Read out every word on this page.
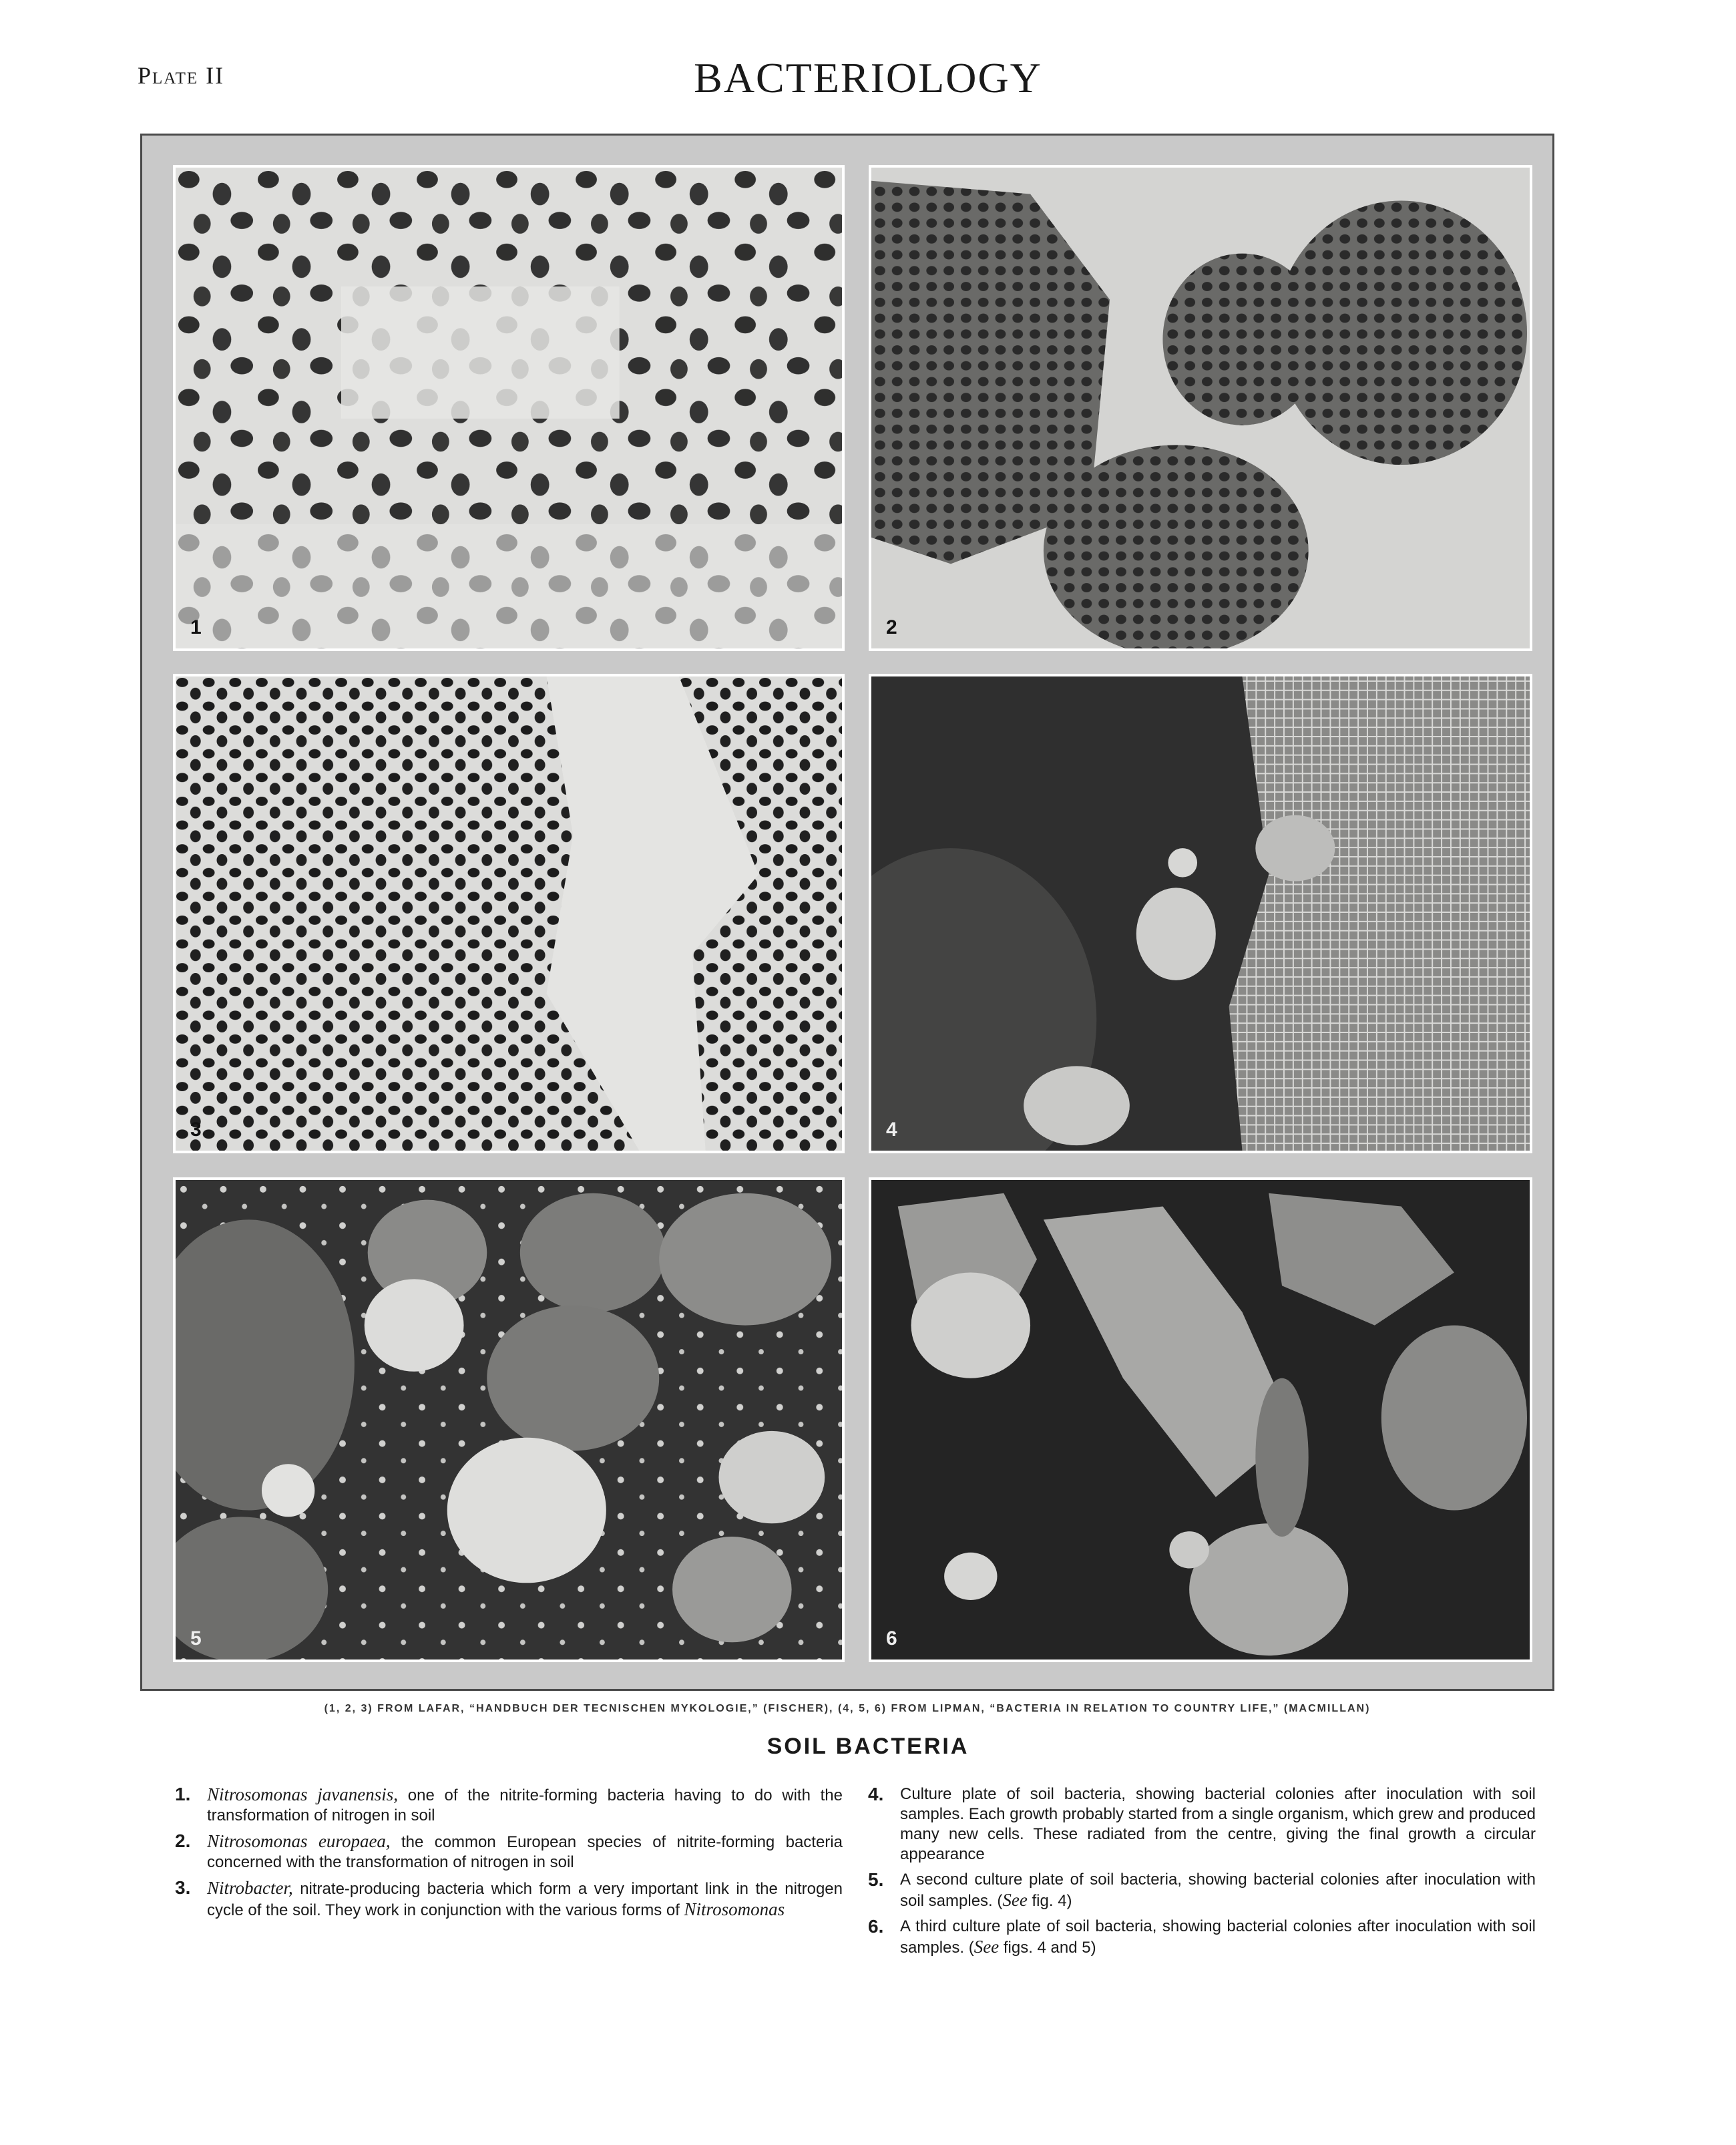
Plate II	BACTERIOLOGY
1	2
3	4
5	6
(1, 2, 3) FROM LAFAR, “HANDBUCH DER TECNISCHEN MYKOLOGIE,” (FISCHER), (4, 5, 6) FROM LIPMAN, “BACTERIA IN RELATION TO COUNTRY LIFE,” (MACMILLAN)
SOIL BACTERIA
1. Nitrosomonas javanensis, one of the nitrite-forming bacteria having to do with the transformation of nitrogen in soil
2. Nitrosomonas europaea, the common European species of nitrite-forming bacteria concerned with the transformation of nitrogen in soil
3. Nitrobacter, nitrate-producing bacteria which form a very important link in the nitrogen cycle of the soil. They work in conjunction with the various forms of Nitrosomonas
4.	Culture plate of soil bacteria, showing bacterial colonies after inoculation with soil samples. Each growth probably started from a single organism, which grew and produced many new cells. These radiated from the centre, giving the final growth a circular appearance
5.	A second culture plate of soil bacteria, showing bacterial colonies after inoculation with soil samples. (See fig. 4)
6.	A third culture plate of soil bacteria, showing bacterial colonies after inoculation with soil samples. (See figs. 4 and 5)
